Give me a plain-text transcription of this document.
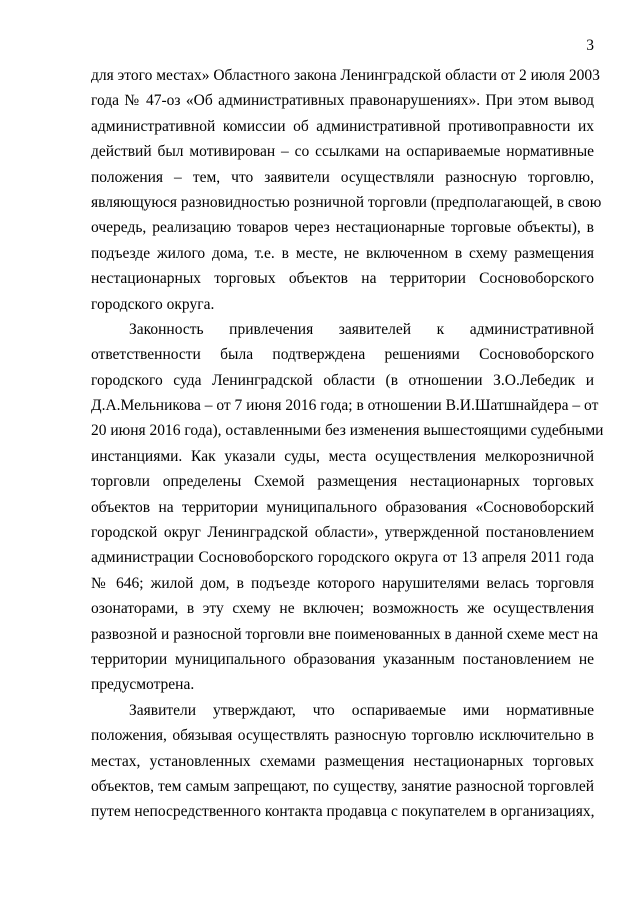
3
для этого местах» Областного закона Ленинградской области от 2 июля 2003
года № 47-оз «Об административных правонарушениях». При этом вывод
административной комиссии об административной противоправности их
действий был мотивирован – со ссылками на оспариваемые нормативные
положения – тем, что заявители осуществляли разносную торговлю,
являющуюся разновидностью розничной торговли (предполагающей, в свою
очередь, реализацию товаров через нестационарные торговые объекты), в
подъезде жилого дома, т.е. в месте, не включенном в схему размещения
нестационарных торговых объектов на территории Сосновоборского
городского округа.
Законность привлечения заявителей к административной
ответственности была подтверждена решениями Сосновоборского
городского суда Ленинградской области (в отношении З.О.Лебедик и
Д.А.Мельникова – от 7 июня 2016 года; в отношении В.И.Шатшнайдера – от
20 июня 2016 года), оставленными без изменения вышестоящими судебными
инстанциями. Как указали суды, места осуществления мелкорозничной
торговли определены Схемой размещения нестационарных торговых
объектов на территории муниципального образования «Сосновоборский
городской округ Ленинградской области», утвержденной постановлением
администрации Сосновоборского городского округа от 13 апреля 2011 года
№ 646; жилой дом, в подъезде которого нарушителями велась торговля
озонаторами, в эту схему не включен; возможность же осуществления
развозной и разносной торговли вне поименованных в данной схеме мест на
территории муниципального образования указанным постановлением не
предусмотрена.
Заявители утверждают, что оспариваемые ими нормативные
положения, обязывая осуществлять разносную торговлю исключительно в
местах, установленных схемами размещения нестационарных торговых
объектов, тем самым запрещают, по существу, занятие разносной торговлей
путем непосредственного контакта продавца с покупателем в организациях,
